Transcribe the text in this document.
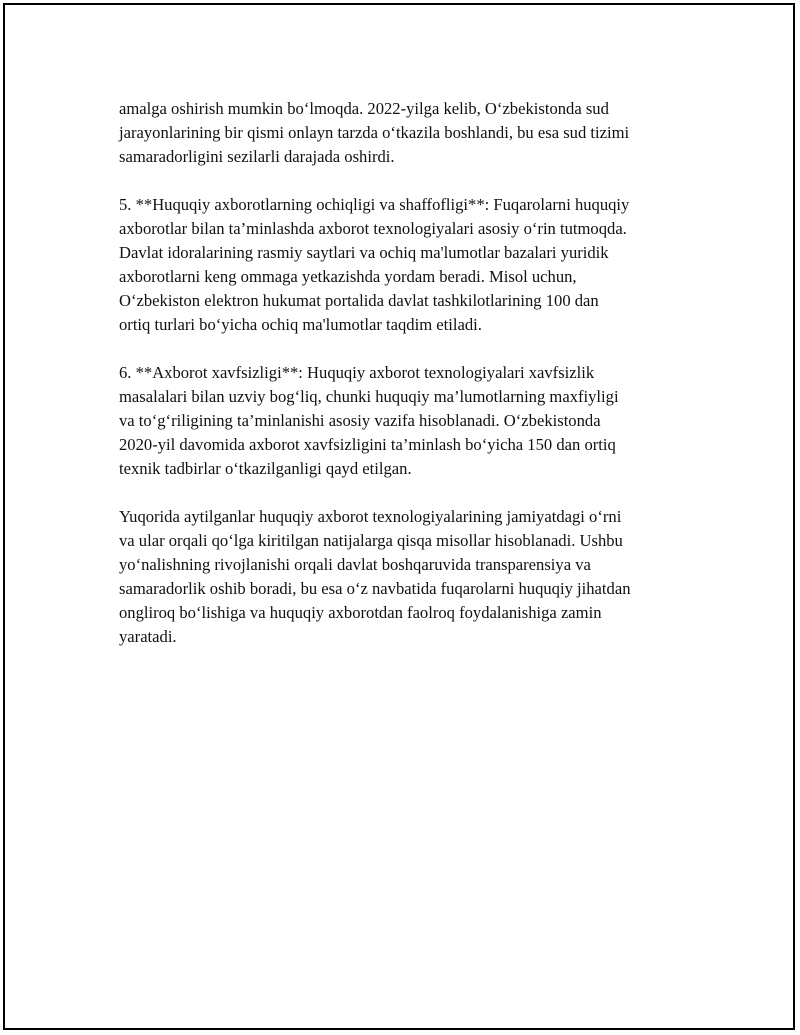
amalga oshirish mumkin bo‘lmoqda. 2022-yilga kelib, O‘zbekistonda sud
jarayonlarining bir qismi onlayn tarzda o‘tkazila boshlandi, bu esa sud tizimi
samaradorligini sezilarli darajada oshirdi.

5. **Huquqiy axborotlarning ochiqligi va shaffofligi**: Fuqarolarni huquqiy
axborotlar bilan ta’minlashda axborot texnologiyalari asosiy o‘rin tutmoqda.
Davlat idoralarining rasmiy saytlari va ochiq ma'lumotlar bazalari yuridik
axborotlarni keng ommaga yetkazishda yordam beradi. Misol uchun,
O‘zbekiston elektron hukumat portalida davlat tashkilotlarining 100 dan
ortiq turlari bo‘yicha ochiq ma'lumotlar taqdim etiladi.

6. **Axborot xavfsizligi**: Huquqiy axborot texnologiyalari xavfsizlik
masalalari bilan uzviy bog‘liq, chunki huquqiy ma’lumotlarning maxfiyligi
va to‘g‘riligining ta’minlanishi asosiy vazifa hisoblanadi. O‘zbekistonda
2020-yil davomida axborot xavfsizligini ta’minlash bo‘yicha 150 dan ortiq
texnik tadbirlar o‘tkazilganligi qayd etilgan.

Yuqorida aytilganlar huquqiy axborot texnologiyalarining jamiyatdagi o‘rni
va ular orqali qo‘lga kiritilgan natijalarga qisqa misollar hisoblanadi. Ushbu
yo‘nalishning rivojlanishi orqali davlat boshqaruvida transparensiya va
samaradorlik oshib boradi, bu esa o‘z navbatida fuqarolarni huquqiy jihatdan
ongliroq bo‘lishiga va huquqiy axborotdan faolroq foydalanishiga zamin
yaratadi.
